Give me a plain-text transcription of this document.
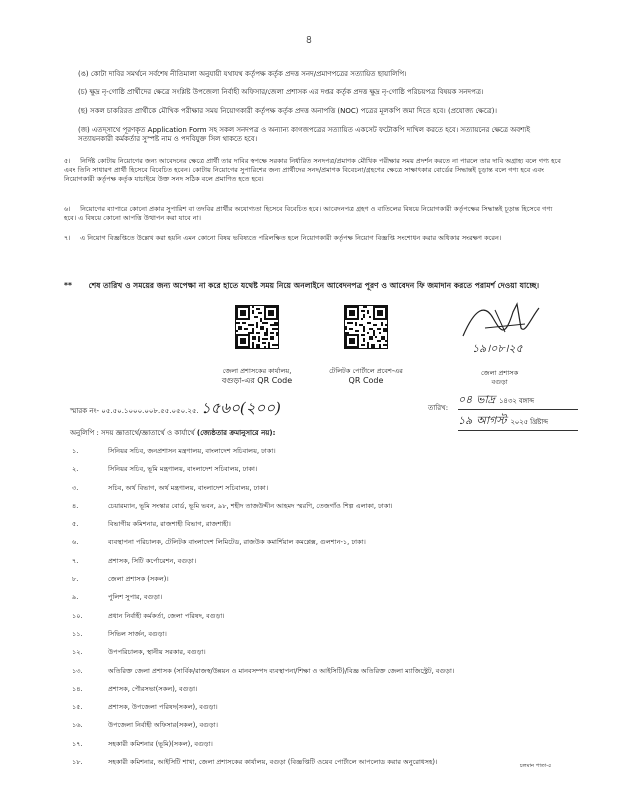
৪
(ঙ) কোটা দাবির সমর্থনে সর্বশেষ নীতিমালা অনুযায়ী যথাযথ কর্তৃপক্ষ কর্তৃক প্রদত্ত সনদ/প্রমাণপত্রের সত্যায়িত ছায়ালিপি।
(চ) ক্ষুদ্র নৃ-গোষ্ঠি প্রার্থীদের ক্ষেত্রে সংশ্লিষ্ট উপজেলা নির্বাহী অফিসার/জেলা প্রশাসক এর দপ্তর কর্তৃক প্রদত্ত ক্ষুদ্র নৃ-গোষ্ঠি পরিচয়পত্র বিষয়ক সনদপত্র।
(ছ) সকল চাকরিরত প্রার্থীকে মৌখিক পরীক্ষার সময় নিয়োগকারী কর্তৃপক্ষ কর্তৃক প্রদত্ত অনাপত্তি (NOC) পত্রের মূলকপি জমা দিতে হবে। (প্রযোজ্য ক্ষেত্রে)।
(জ) এতদ্‌সাথে পূরণকৃত Application Form সহ সকল সনদপত্র ও অন্যান্য কাগজপত্রের সত্যায়িত একসেট ফটোকপি দাখিল করতে হবে। সত্যায়নের ক্ষেত্রে অবশ্যই সত্যায়নকারী কর্মকর্তার সুস্পষ্ট নাম ও পদবিযুক্ত সিল থাকতে হবে।
৫। নির্দিষ্ট কোটায় নিয়োগের জন্য আবেদনের ক্ষেত্রে প্রার্থী তার দাবির স্বপক্ষে সরকার নির্ধারিত সনদপত্র/প্রমাণক মৌখিক পরীক্ষার সময় প্রদর্শন করতে না পারলে তার দাবি অগ্রাহ্য বলে গণ্য হবে এবং তিনি সাধারণ প্রার্থী হিসেবে বিবেচিত হবেন। কোটায় নিয়োগের সুপারিশের জন্য প্রার্থীদের সনদ/প্রমাণক বিবেচনা/গ্রহণের ক্ষেত্রে সাক্ষাৎকার বোর্ডের সিদ্ধান্তই চূড়ান্ত বলে গণ্য হবে এবং নিয়োগকারী কর্তৃপক্ষ কর্তৃক যাচাইয়ে উক্ত সনদ সঠিক বলে প্রমাণিত হতে হবে।
৬। নিয়োগের ব্যাপারে কোনো প্রকার সুপারিশ বা তদবির প্রার্থীর অযোগ্যতা হিসেবে বিবেচিত হবে। আবেদনপত্র গ্রহণ ও বাতিলের বিষয়ে নিয়োগকারী কর্তৃপক্ষের সিদ্ধান্তই চূড়ান্ত হিসেবে গণ্য হবে। এ বিষয়ে কোনো আপত্তি উত্থাপন করা যাবে না।
৭। এ নিয়োগ বিজ্ঞপ্তিতে উল্লেখ করা হয়নি এমন কোনো বিষয় ভবিষ্যতে পরিলক্ষিত হলে নিয়োগকারী কর্তৃপক্ষ নিয়োগ বিজ্ঞপ্তি সংশোধন করার অধিকার সংরক্ষণ করেন।
** শেষ তারিখ ও সময়ের জন্য অপেক্ষা না করে হাতে যথেষ্ট সময় নিয়ে অনলাইনে আবেদনপত্র পূরণ ও আবেদন ফি জমাদান করতে পরামর্শ দেওয়া যাচ্ছে।
জেলা প্রশাসকের কার্যালয়,
বগুড়া-এর QR Code
টেলিটক পোর্টালে প্রবেশ-এর
QR Code
১৯।০৮।২৫
জেলা প্রশাসক
বগুড়া
স্মারক নং- ০৫.৫০.১০০০.০০৮.৫৫.০৫০.২৫. ১৫৬০(২০০)	তারিখ:
০৪ ভাদ্র ১৪৩২ বঙ্গাব্দ
১৯ আগস্ট ২০২৫ খ্রিষ্টাব্দ
অনুলিপি : সদয় জ্ঞাতার্থে/জ্ঞাতার্থে ও কার্যার্থে (জ্যেষ্ঠতার ক্রমানুসারে নয়):
১.	সিনিয়র সচিব, জনপ্রশাসন মন্ত্রণালয়, বাংলাদেশ সচিবালয়, ঢাকা।
২.	সিনিয়র সচিব, ভূমি মন্ত্রণালয়, বাংলাদেশ সচিবালয়, ঢাকা।
৩.	সচিব, অর্থ বিভাগ, অর্থ মন্ত্রণালয়, বাংলাদেশ সচিবালয়, ঢাকা।
৪.	চেয়ারম্যান, ভূমি সংস্কার বোর্ড, ভূমি ভবন, ৯৮, শহীদ তাজউদ্দীন আহমদ স্মরণি, তেজগাঁও শিল্প এলাকা, ঢাকা।
৫.	বিভাগীয় কমিশনার, রাজশাহী বিভাগ, রাজশাহী।
৬.	ব্যবস্থাপনা পরিচালক, টেলিটক বাংলাদেশ লিমিটেড, রাজউক কমার্শিয়াল কমপ্লেক্স, গুলশান-১, ঢাকা।
৭.	প্রশাসক, সিটি কর্পোরেশন, বগুড়া।
৮.	জেলা প্রশাসক (সকল)।
৯.	পুলিশ সুপার, বগুড়া।
১০.	প্রধান নির্বাহী কর্মকর্তা, জেলা পরিষদ, বগুড়া।
১১.	সিভিল সার্জন, বগুড়া।
১২.	উপপরিচালক, স্থানীয় সরকার, বগুড়া।
১৩.	অতিরিক্ত জেলা প্রশাসক (সার্বিক/রাজস্ব/উন্নয়ন ও মানবসম্পদ ব্যবস্থাপনা/শিক্ষা ও আইসিটি)/বিজ্ঞ অতিরিক্ত জেলা ম্যাজিস্ট্রেট, বগুড়া।
১৪.	প্রশাসক, পৌরসভা(সকল), বগুড়া।
১৫.	প্রশাসক, উপজেলা পরিষদ(সকল), বগুড়া।
১৬.	উপজেলা নির্বাহী অফিসার(সকল), বগুড়া।
১৭.	সহকারী কমিশনার (ভূমি)(সকল), বগুড়া।
১৮.	সহকারী কমিশনার, আইসিটি শাখা, জেলা প্রশাসকের কার্যালয়, বগুড়া (বিজ্ঞপ্তিটি ওয়েব পোর্টালে আপলোড করার অনুরোধসহ)।	চলমান পাতা-৫
